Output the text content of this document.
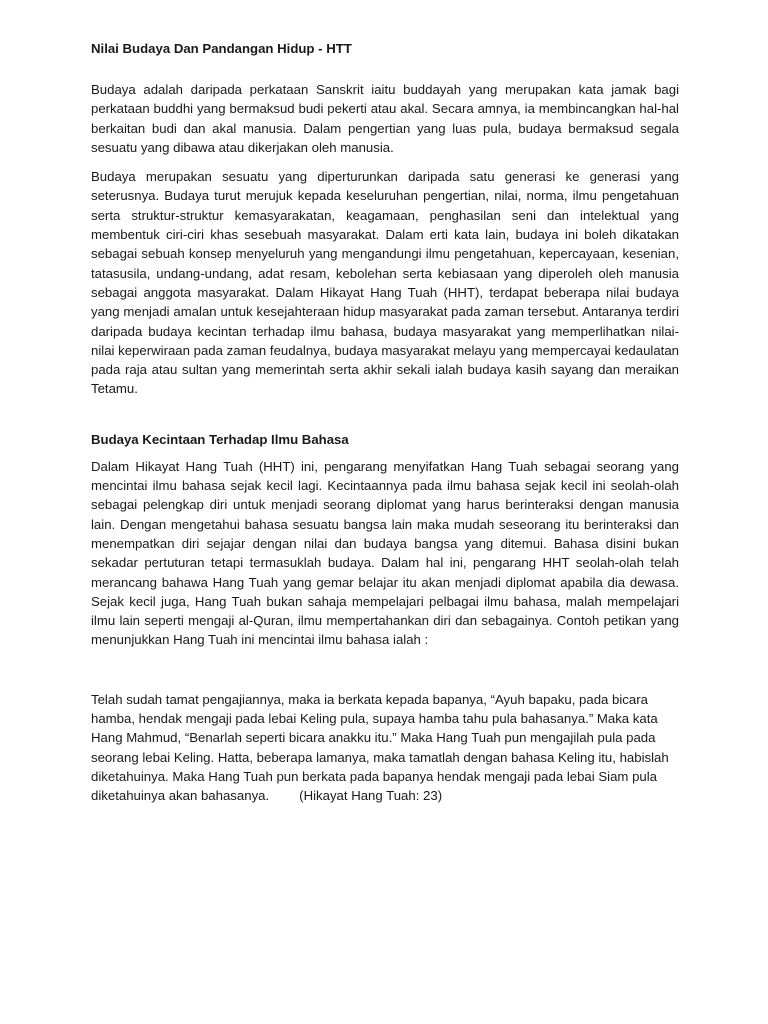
Nilai Budaya Dan Pandangan Hidup - HTT

Budaya adalah daripada perkataan Sanskrit iaitu buddayah yang merupakan kata jamak bagi perkataan buddhi yang bermaksud budi pekerti atau akal. Secara amnya, ia membincangkan hal-hal berkaitan budi dan akal manusia. Dalam pengertian yang luas pula, budaya bermaksud segala sesuatu yang dibawa atau dikerjakan oleh manusia.

Budaya merupakan sesuatu yang diperturunkan daripada satu generasi ke generasi yang seterusnya. Budaya turut merujuk kepada keseluruhan pengertian, nilai, norma, ilmu pengetahuan serta struktur-struktur kemasyarakatan, keagamaan, penghasilan seni dan intelektual yang membentuk ciri-ciri khas sesebuah masyarakat. Dalam erti kata lain, budaya ini boleh dikatakan sebagai sebuah konsep menyeluruh yang mengandungi ilmu pengetahuan, kepercayaan, kesenian, tatasusila, undang-undang, adat resam, kebolehan serta kebiasaan yang diperoleh oleh manusia sebagai anggota masyarakat. Dalam Hikayat Hang Tuah (HHT), terdapat beberapa nilai budaya yang menjadi amalan untuk kesejahteraan hidup masyarakat pada zaman tersebut. Antaranya terdiri daripada budaya kecintan terhadap ilmu bahasa, budaya masyarakat yang memperlihatkan nilai-nilai keperwiraan pada zaman feudalnya, budaya masyarakat melayu yang mempercayai kedaulatan pada raja atau sultan yang memerintah serta akhir sekali ialah budaya kasih sayang dan meraikan Tetamu.

Budaya Kecintaan Terhadap Ilmu Bahasa

Dalam Hikayat Hang Tuah (HHT) ini, pengarang menyifatkan Hang Tuah sebagai seorang yang mencintai ilmu bahasa sejak kecil lagi. Kecintaannya pada ilmu bahasa sejak kecil ini seolah-olah sebagai pelengkap diri untuk menjadi seorang diplomat yang harus berinteraksi dengan manusia lain. Dengan mengetahui bahasa sesuatu bangsa lain maka mudah seseorang itu berinteraksi dan menempatkan diri sejajar dengan nilai dan budaya bangsa yang ditemui. Bahasa disini bukan sekadar pertuturan tetapi termasuklah budaya. Dalam hal ini, pengarang HHT seolah-olah telah merancang bahawa Hang Tuah yang gemar belajar itu akan menjadi diplomat apabila dia dewasa. Sejak kecil juga, Hang Tuah bukan sahaja mempelajari pelbagai ilmu bahasa, malah mempelajari ilmu lain seperti mengaji al-Quran, ilmu mempertahankan diri dan sebagainya. Contoh petikan yang menunjukkan Hang Tuah ini mencintai ilmu bahasa ialah :

Telah sudah tamat pengajiannya, maka ia berkata kepada bapanya, “Ayuh bapaku, pada bicara hamba, hendak mengaji pada lebai Keling pula, supaya hamba tahu pula bahasanya.” Maka kata Hang Mahmud, “Benarlah seperti bicara anakku itu.” Maka Hang Tuah pun mengajilah pula pada seorang lebai Keling. Hatta, beberapa lamanya, maka tamatlah dengan bahasa Keling itu, habislah diketahuinya. Maka Hang Tuah pun berkata pada bapanya hendak mengaji pada lebai Siam pula diketahuinya akan bahasanya. (Hikayat Hang Tuah: 23)
